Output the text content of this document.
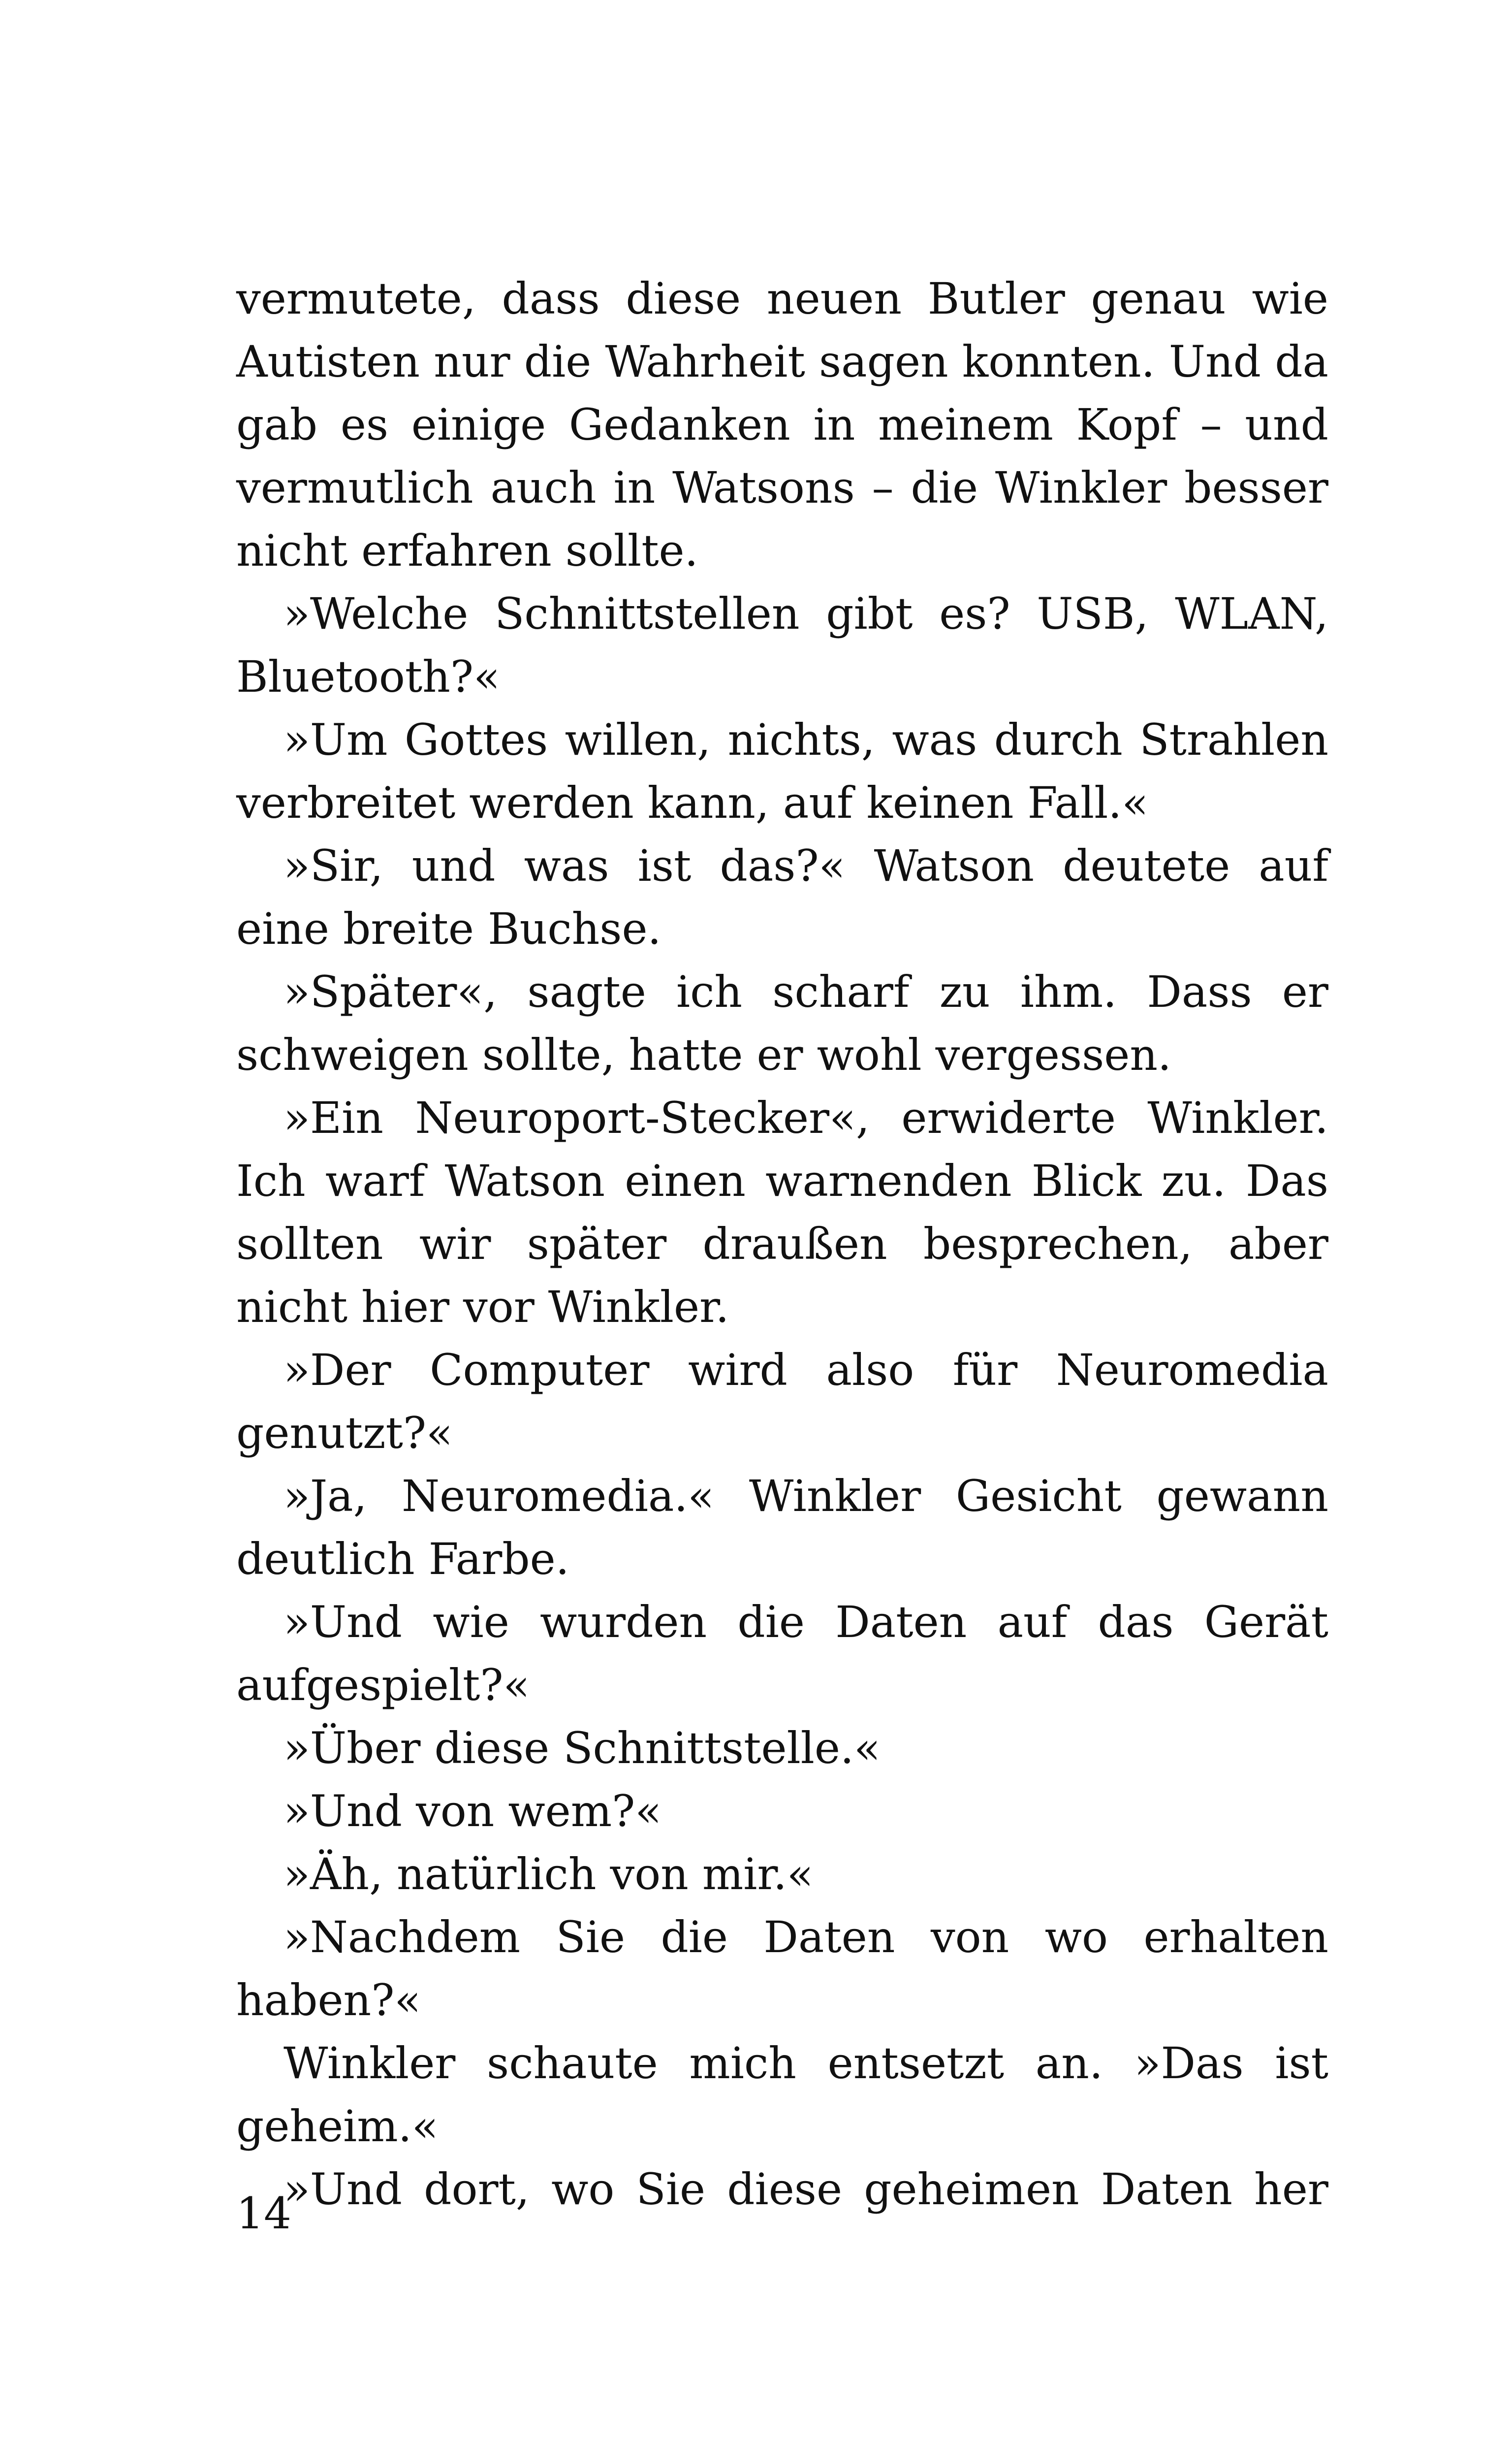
vermutete, dass diese neuen Butler genau wie Autisten nur die Wahrheit sagen konnten. Und da gab es einige Gedanken in meinem Kopf – und vermutlich auch in Watsons – die Winkler besser nicht erfahren sollte.

»Welche Schnittstellen gibt es? USB, WLAN, Bluetooth?«

»Um Gottes willen, nichts, was durch Strahlen verbreitet werden kann, auf keinen Fall.«

»Sir, und was ist das?« Watson deutete auf eine breite Buchse.

»Später«, sagte ich scharf zu ihm. Dass er schweigen sollte, hatte er wohl vergessen.

»Ein Neuroport-Stecker«, erwiderte Winkler. Ich warf Watson einen warnenden Blick zu. Das sollten wir später draußen besprechen, aber nicht hier vor Winkler.

»Der Computer wird also für Neuromedia genutzt?«

»Ja, Neuromedia.« Winkler Gesicht gewann deutlich Farbe.

»Und wie wurden die Daten auf das Gerät aufgespielt?«

»Über diese Schnittstelle.«

»Und von wem?«

»Äh, natürlich von mir.«

»Nachdem Sie die Daten von wo erhalten haben?«

Winkler schaute mich entsetzt an. »Das ist geheim.«

»Und dort, wo Sie diese geheimen Daten her

14
